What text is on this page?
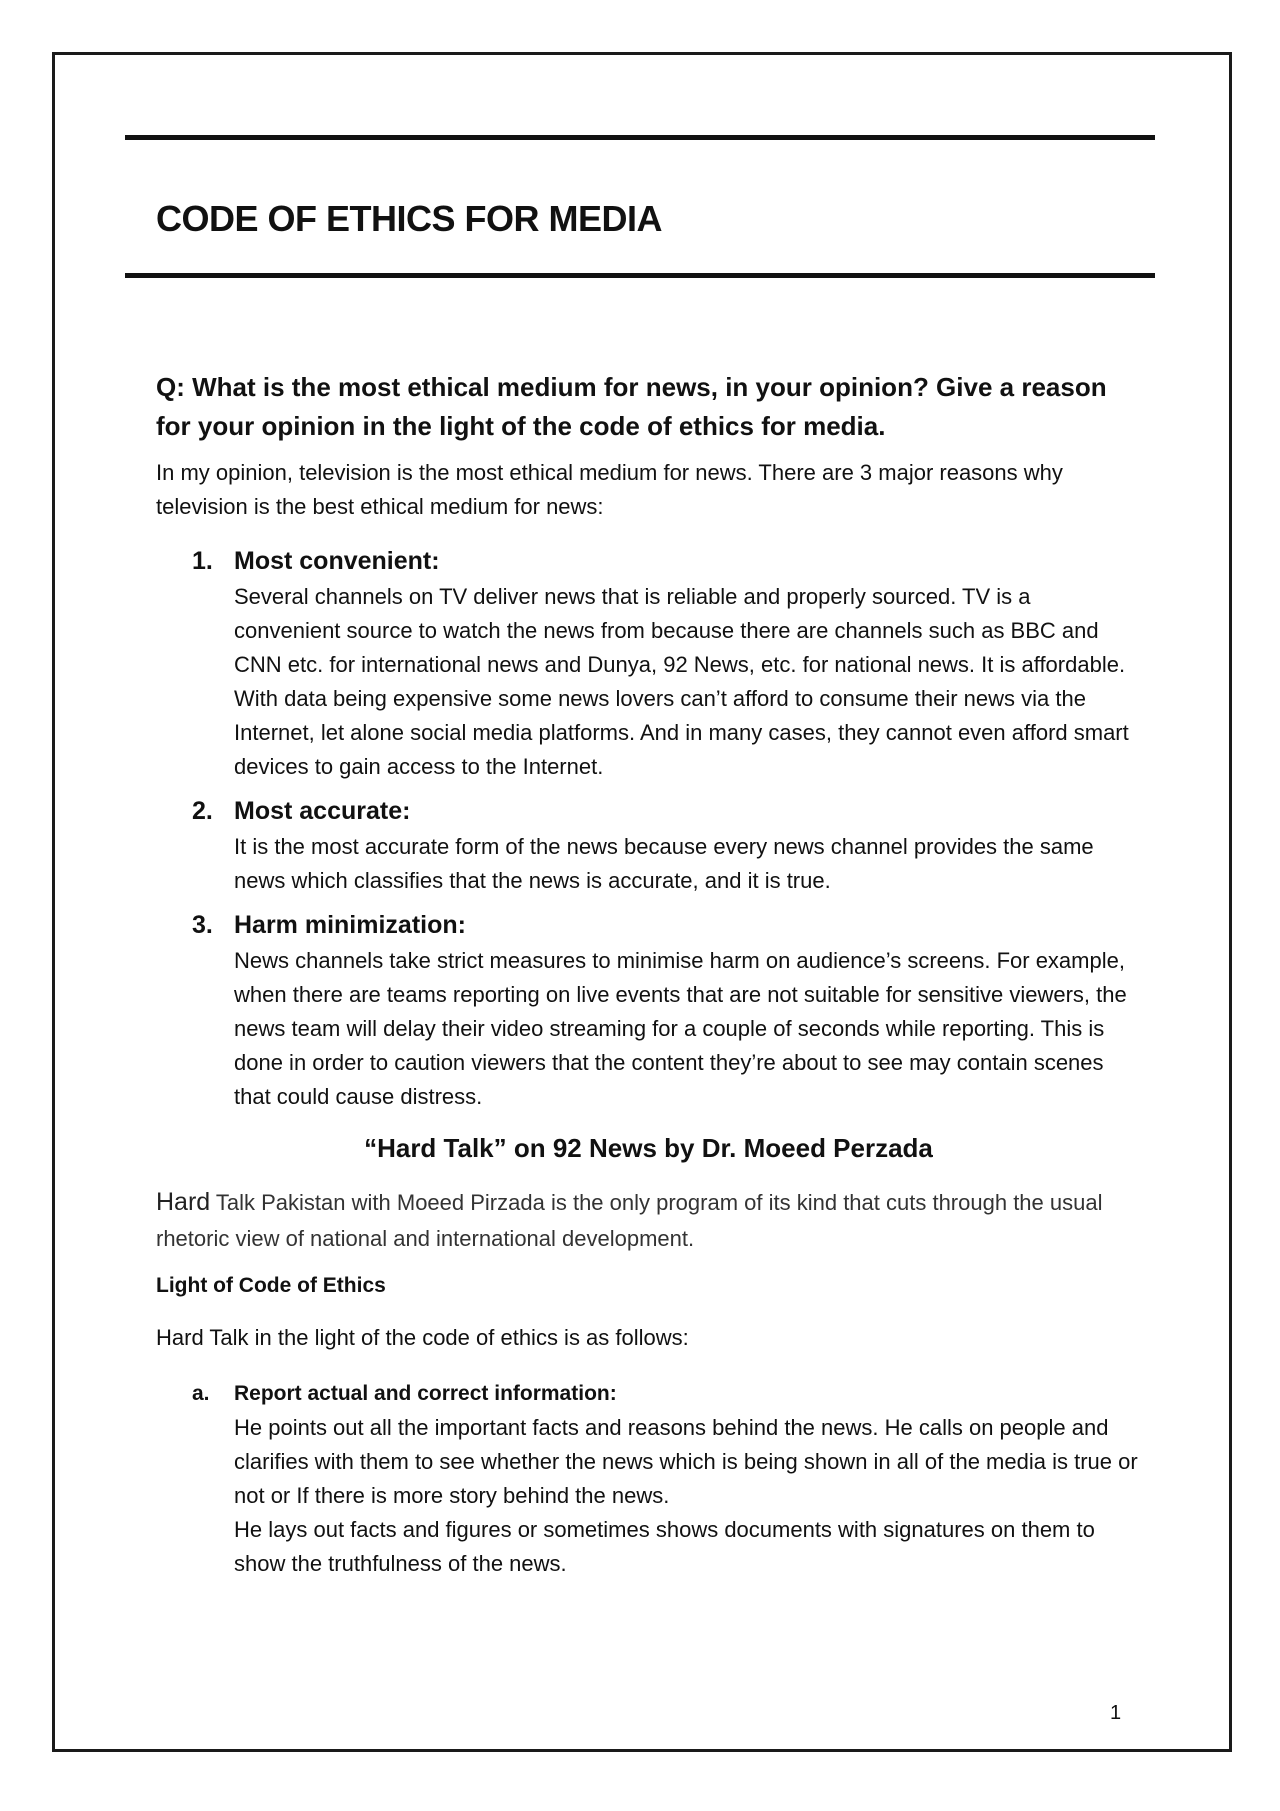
CODE OF ETHICS FOR MEDIA

Q: What is the most ethical medium for news, in your opinion? Give a reason for your opinion in the light of the code of ethics for media.

In my opinion, television is the most ethical medium for news. There are 3 major reasons why television is the best ethical medium for news:

1. Most convenient:
Several channels on TV deliver news that is reliable and properly sourced. TV is a convenient source to watch the news from because there are channels such as BBC and CNN etc. for international news and Dunya, 92 News, etc. for national news. It is affordable. With data being expensive some news lovers can’t afford to consume their news via the Internet, let alone social media platforms. And in many cases, they cannot even afford smart devices to gain access to the Internet.
2. Most accurate:
It is the most accurate form of the news because every news channel provides the same news which classifies that the news is accurate, and it is true.
3. Harm minimization:
News channels take strict measures to minimise harm on audience’s screens. For example, when there are teams reporting on live events that are not suitable for sensitive viewers, the news team will delay their video streaming for a couple of seconds while reporting. This is done in order to caution viewers that the content they’re about to see may contain scenes that could cause distress.
“Hard Talk” on 92 News by Dr. Moeed Perzada

Hard Talk Pakistan with Moeed Pirzada is the only program of its kind that cuts through the usual rhetoric view of national and international development.

Light of Code of Ethics

Hard Talk in the light of the code of ethics is as follows:

a. Report actual and correct information:
He points out all the important facts and reasons behind the news. He calls on people and clarifies with them to see whether the news which is being shown in all of the media is true or not or If there is more story behind the news.
He lays out facts and figures or sometimes shows documents with signatures on them to show the truthfulness of the news.
1
